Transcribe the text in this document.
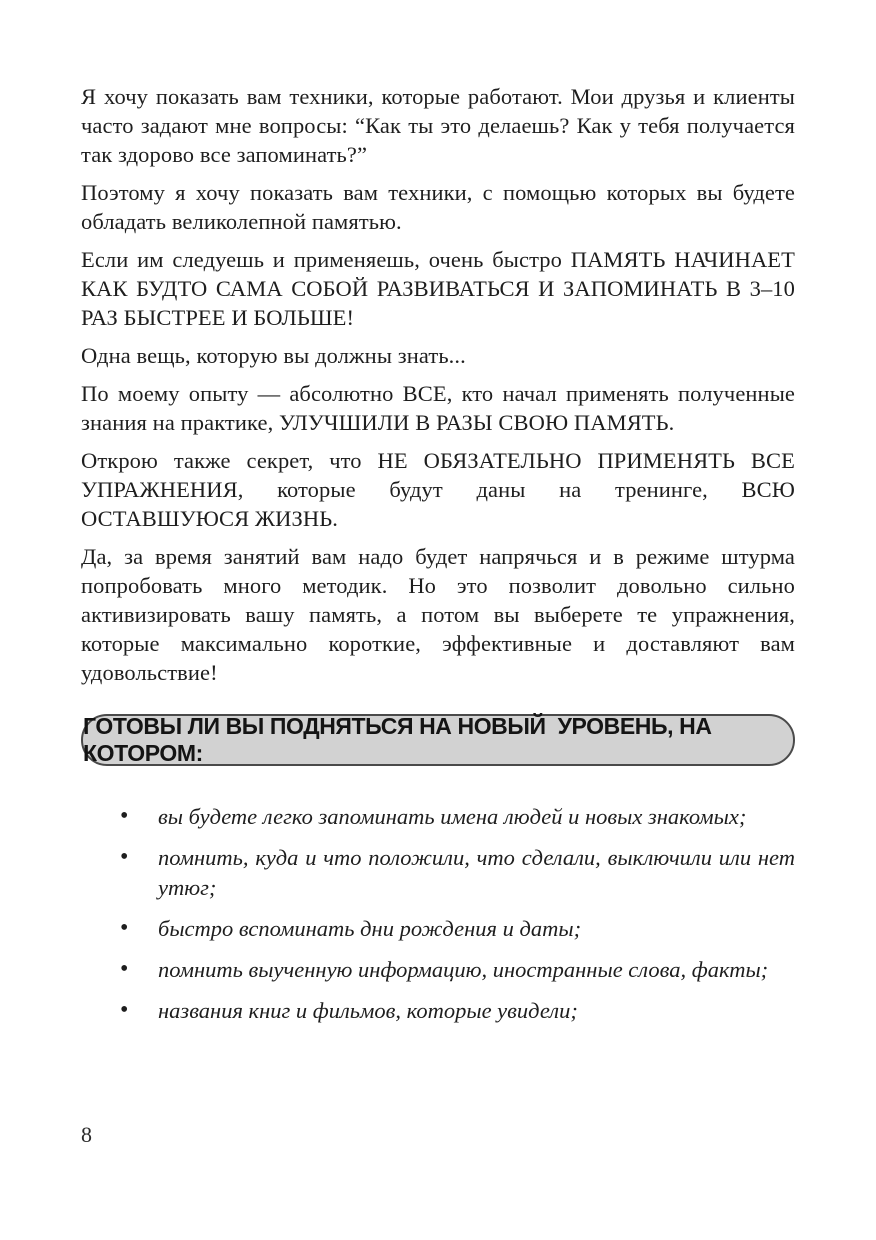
Я хочу показать вам техники, которые работают. Мои друзья и клиенты часто задают мне вопросы: “Как ты это делаешь? Как у тебя получается так здорово все запоминать?”

Поэтому я хочу показать вам техники, с помощью которых вы будете обладать великолепной памятью.

Если им следуешь и применяешь, очень быстро ПАМЯТЬ НАЧИНАЕТ КАК БУДТО САМА СОБОЙ РАЗВИВАТЬСЯ И ЗАПОМИНАТЬ В 3–10 РАЗ БЫСТРЕЕ И БОЛЬШЕ!

Одна вещь, которую вы должны знать...

По моему опыту — абсолютно ВСЕ, кто начал применять полученные знания на практике, УЛУЧШИЛИ В РАЗЫ СВОЮ ПАМЯТЬ.

Открою также секрет, что НЕ ОБЯЗАТЕЛЬНО ПРИМЕНЯТЬ ВСЕ УПРАЖНЕНИЯ, которые будут даны на тренинге, ВСЮ ОСТАВШУЮСЯ ЖИЗНЬ.

Да, за время занятий вам надо будет напрячься и в режиме штурма попробовать много методик. Но это позволит довольно сильно активизировать вашу память, а потом вы выберете те упражнения, которые максимально короткие, эффективные и доставляют вам удовольствие!

ГОТОВЫ ЛИ ВЫ ПОДНЯТЬСЯ НА НОВЫЙ  УРОВЕНЬ, НА КОТОРОМ:
• вы будете легко запоминать имена людей и новых знакомых;
• помнить, куда и что положили, что сделали, выключили или нет утюг;
• быстро вспоминать дни рождения и даты;
• помнить выученную информацию, иностранные слова, факты;
• названия книг и фильмов, которые увидели;
8
